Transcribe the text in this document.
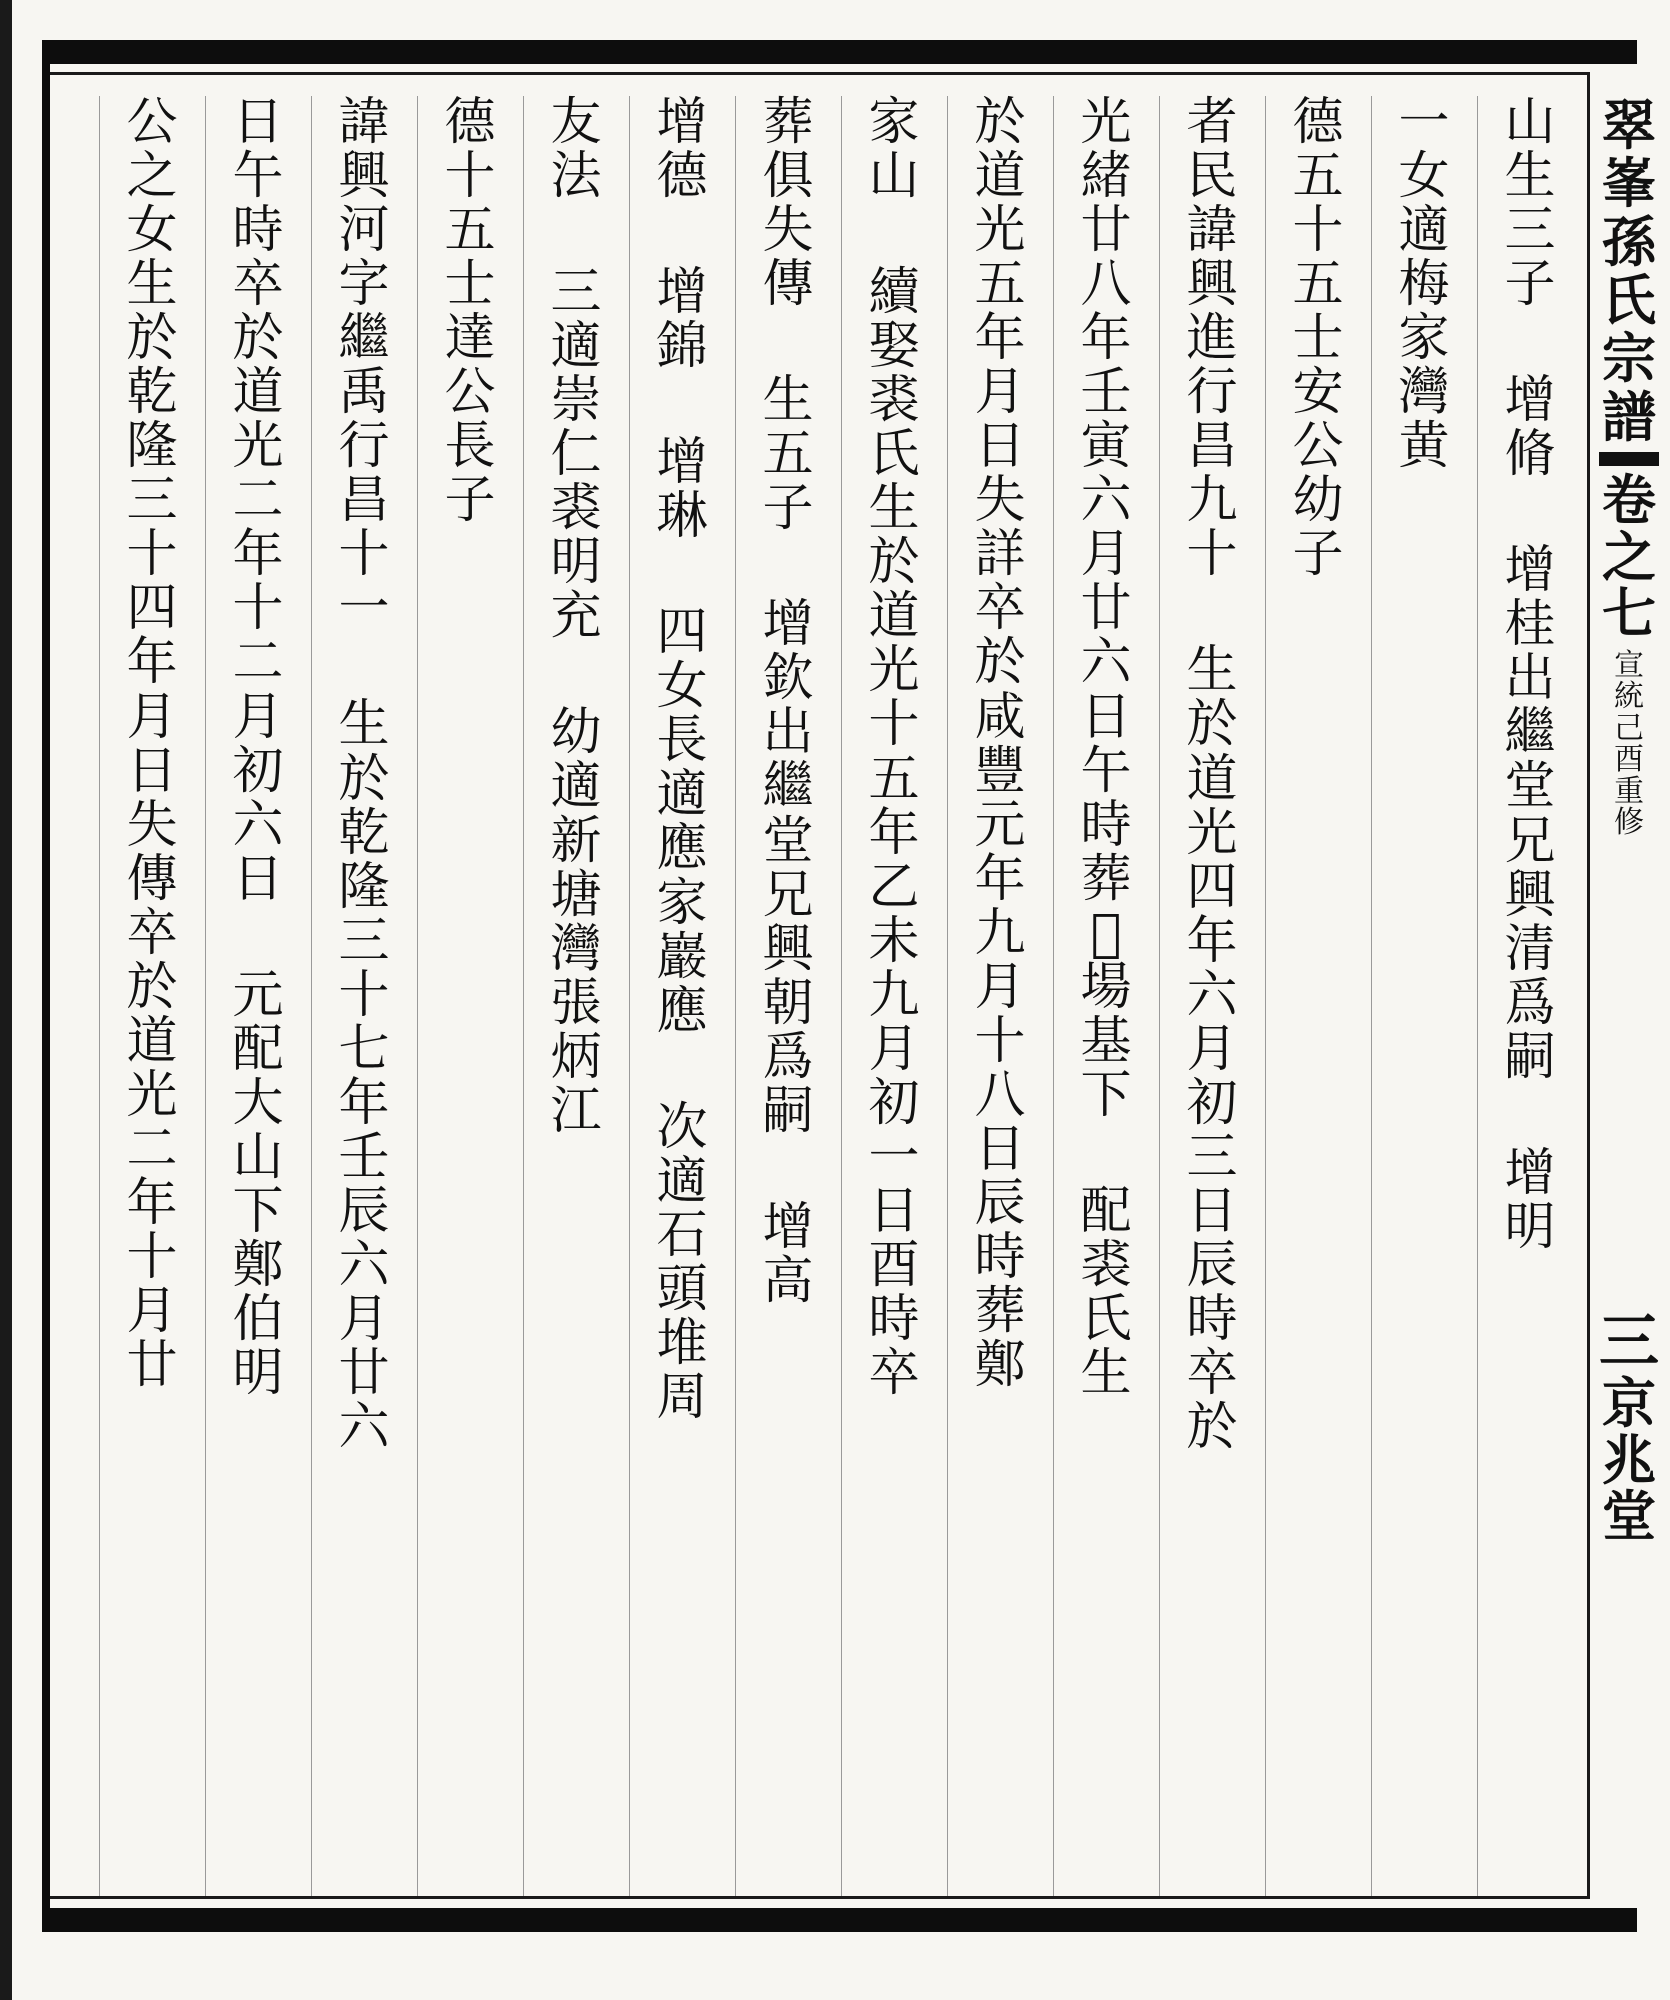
山
生
三
子
增
脩
增
桂
出
繼
堂
兄
興
清
爲
嗣
增
明
一
女
適
梅
家
灣
黄
德
五
十
五
士
安
公
幼
子
者
民
諱
興
進
行
昌
九
十
生
於
道
光
四
年
六
月
初
三
日
辰
時
卒
於
光
緒
廿
八
年
壬
寅
六
月
廿
六
日
午
時
葬
𠡠
場
基
下
配
裘
氏
生
於
道
光
五
年
月
日
失
詳
卒
於
咸
豐
元
年
九
月
十
八
日
辰
時
葬
鄭
家
山
續
娶
裘
氏
生
於
道
光
十
五
年
乙
未
九
月
初
一
日
酉
時
卒
葬
俱
失
傳
生
五
子
增
欽
出
繼
堂
兄
興
朝
爲
嗣
增
高
增
德
增
錦
增
琳
四
女
長
適
應
家
巖
應
次
適
石
頭
堆
周
友
法
三
適
崇
仁
裘
明
充
幼
適
新
塘
灣
張
炳
江
德
十
五
士
達
公
長
子
諱
興
河
字
繼
禹
行
昌
十
一
生
於
乾
隆
三
十
七
年
壬
辰
六
月
廿
六
日
午
時
卒
於
道
光
二
年
十
二
月
初
六
日
元
配
大
山
下
鄭
伯
明
公
之
女
生
於
乾
隆
三
十
四
年
月
日
失
傳
卒
於
道
光
二
年
十
月
廿
翠
峯
孫
氏
宗
譜
卷
之
七
宣
統
己
酉
重
修
三
京
兆
堂
